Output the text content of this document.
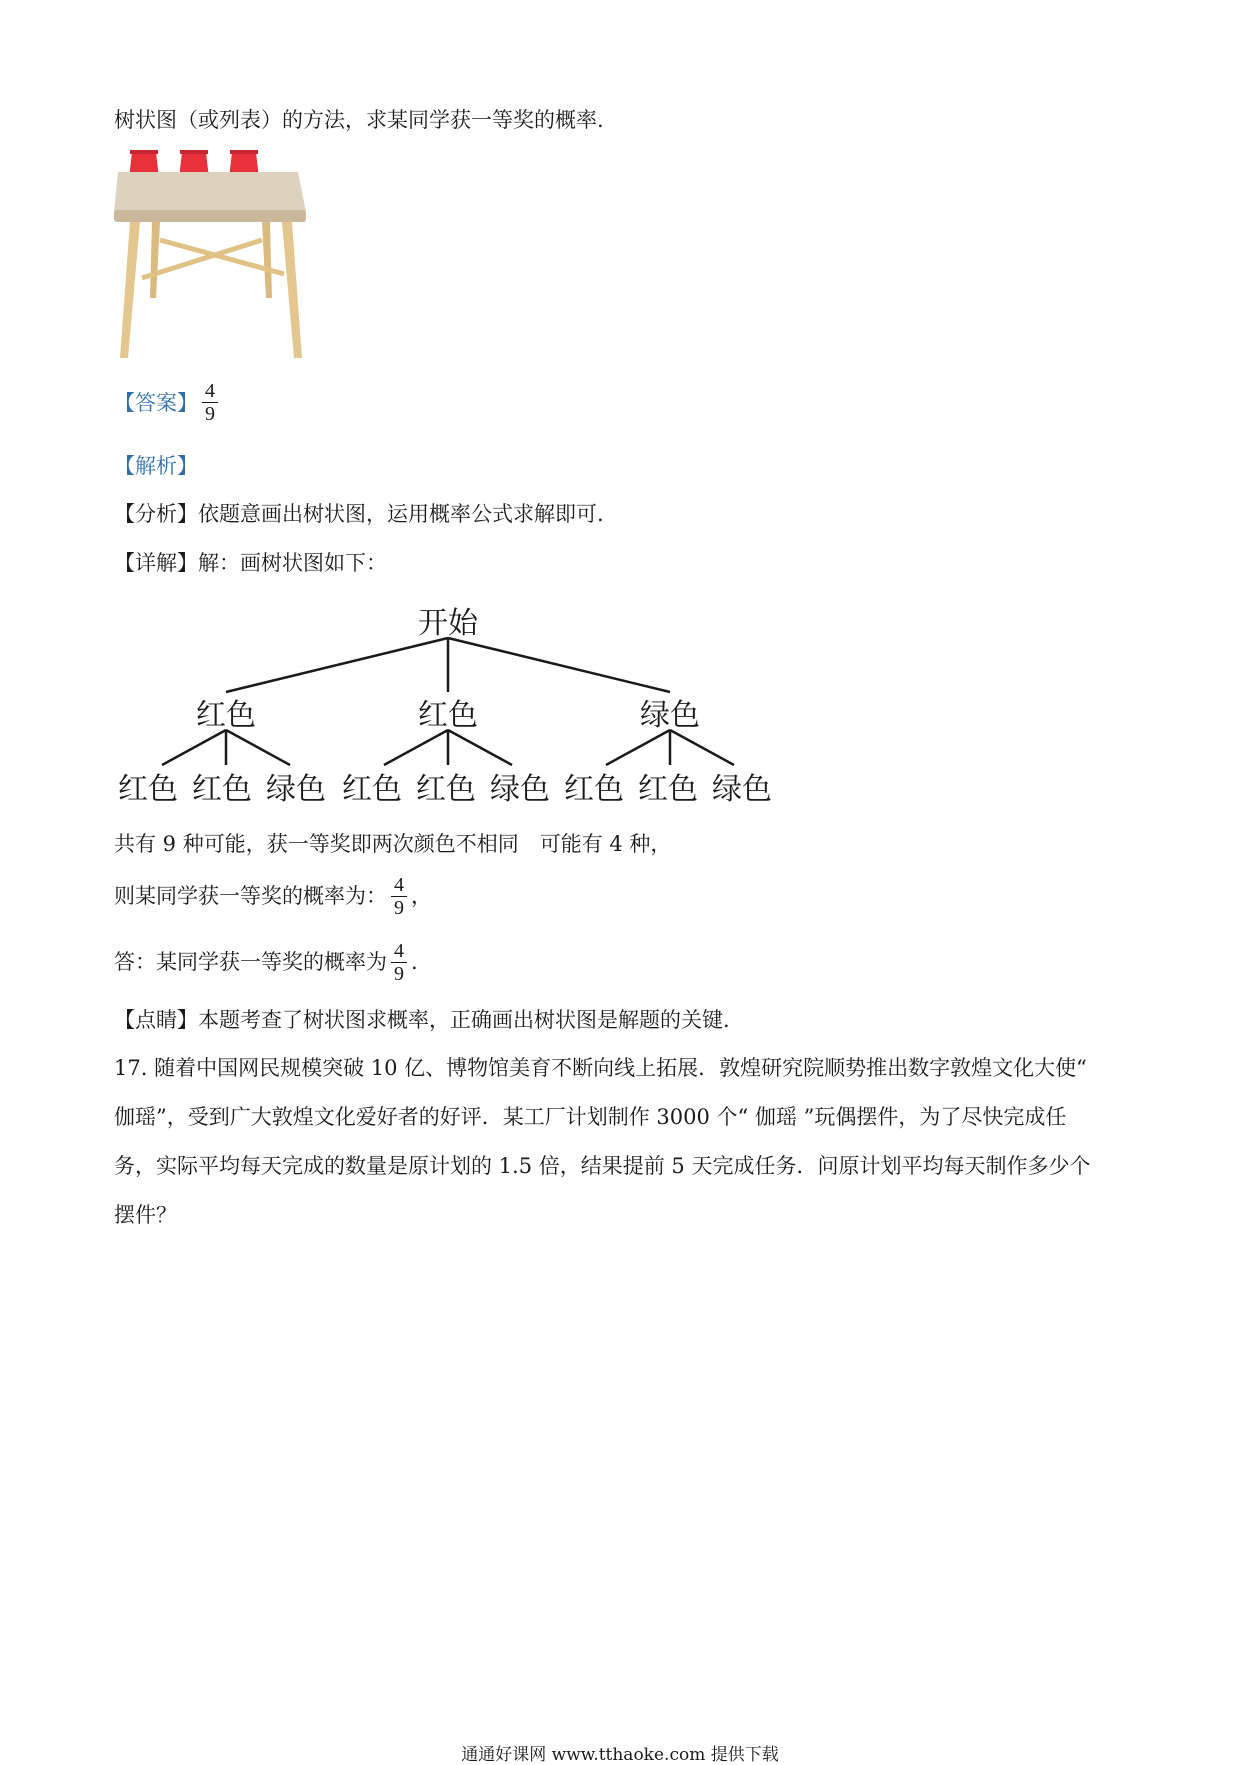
树状图（或列表）的方法，求某同学获一等奖的概率.
【答案】 $\frac{4}{9}$
【解析】
【分析】依题意画出树状图，运用概率公式求解即可.
【详解】解：画树状图如下：
开始
红色	红色	绿色
红色 红色 绿色 红色 红色 绿色 红色 红色 绿色
共有 9 种可能，获一等奖即两次颜色不相同　可能有 4 种，
则某同学获一等奖的概率为： $\frac{4}{9}$ ，
答：某同学获一等奖的概率为 $\frac{4}{9}$ .
【点睛】本题考查了树状图求概率，正确画出树状图是解题的关键.
17. 随着中国网民规模突破 10 亿、博物馆美育不断向线上拓展．敦煌研究院顺势推出数字敦煌文化大使“
伽瑶”，受到广大敦煌文化爱好者的好评．某工厂计划制作 3000 个“ 伽瑶 ”玩偶摆件，为了尽快完成任
务，实际平均每天完成的数量是原计划的 1.5 倍，结果提前 5 天完成任务．问原计划平均每天制作多少个
摆件？
通通好课网 www.tthaoke.com 提供下载
